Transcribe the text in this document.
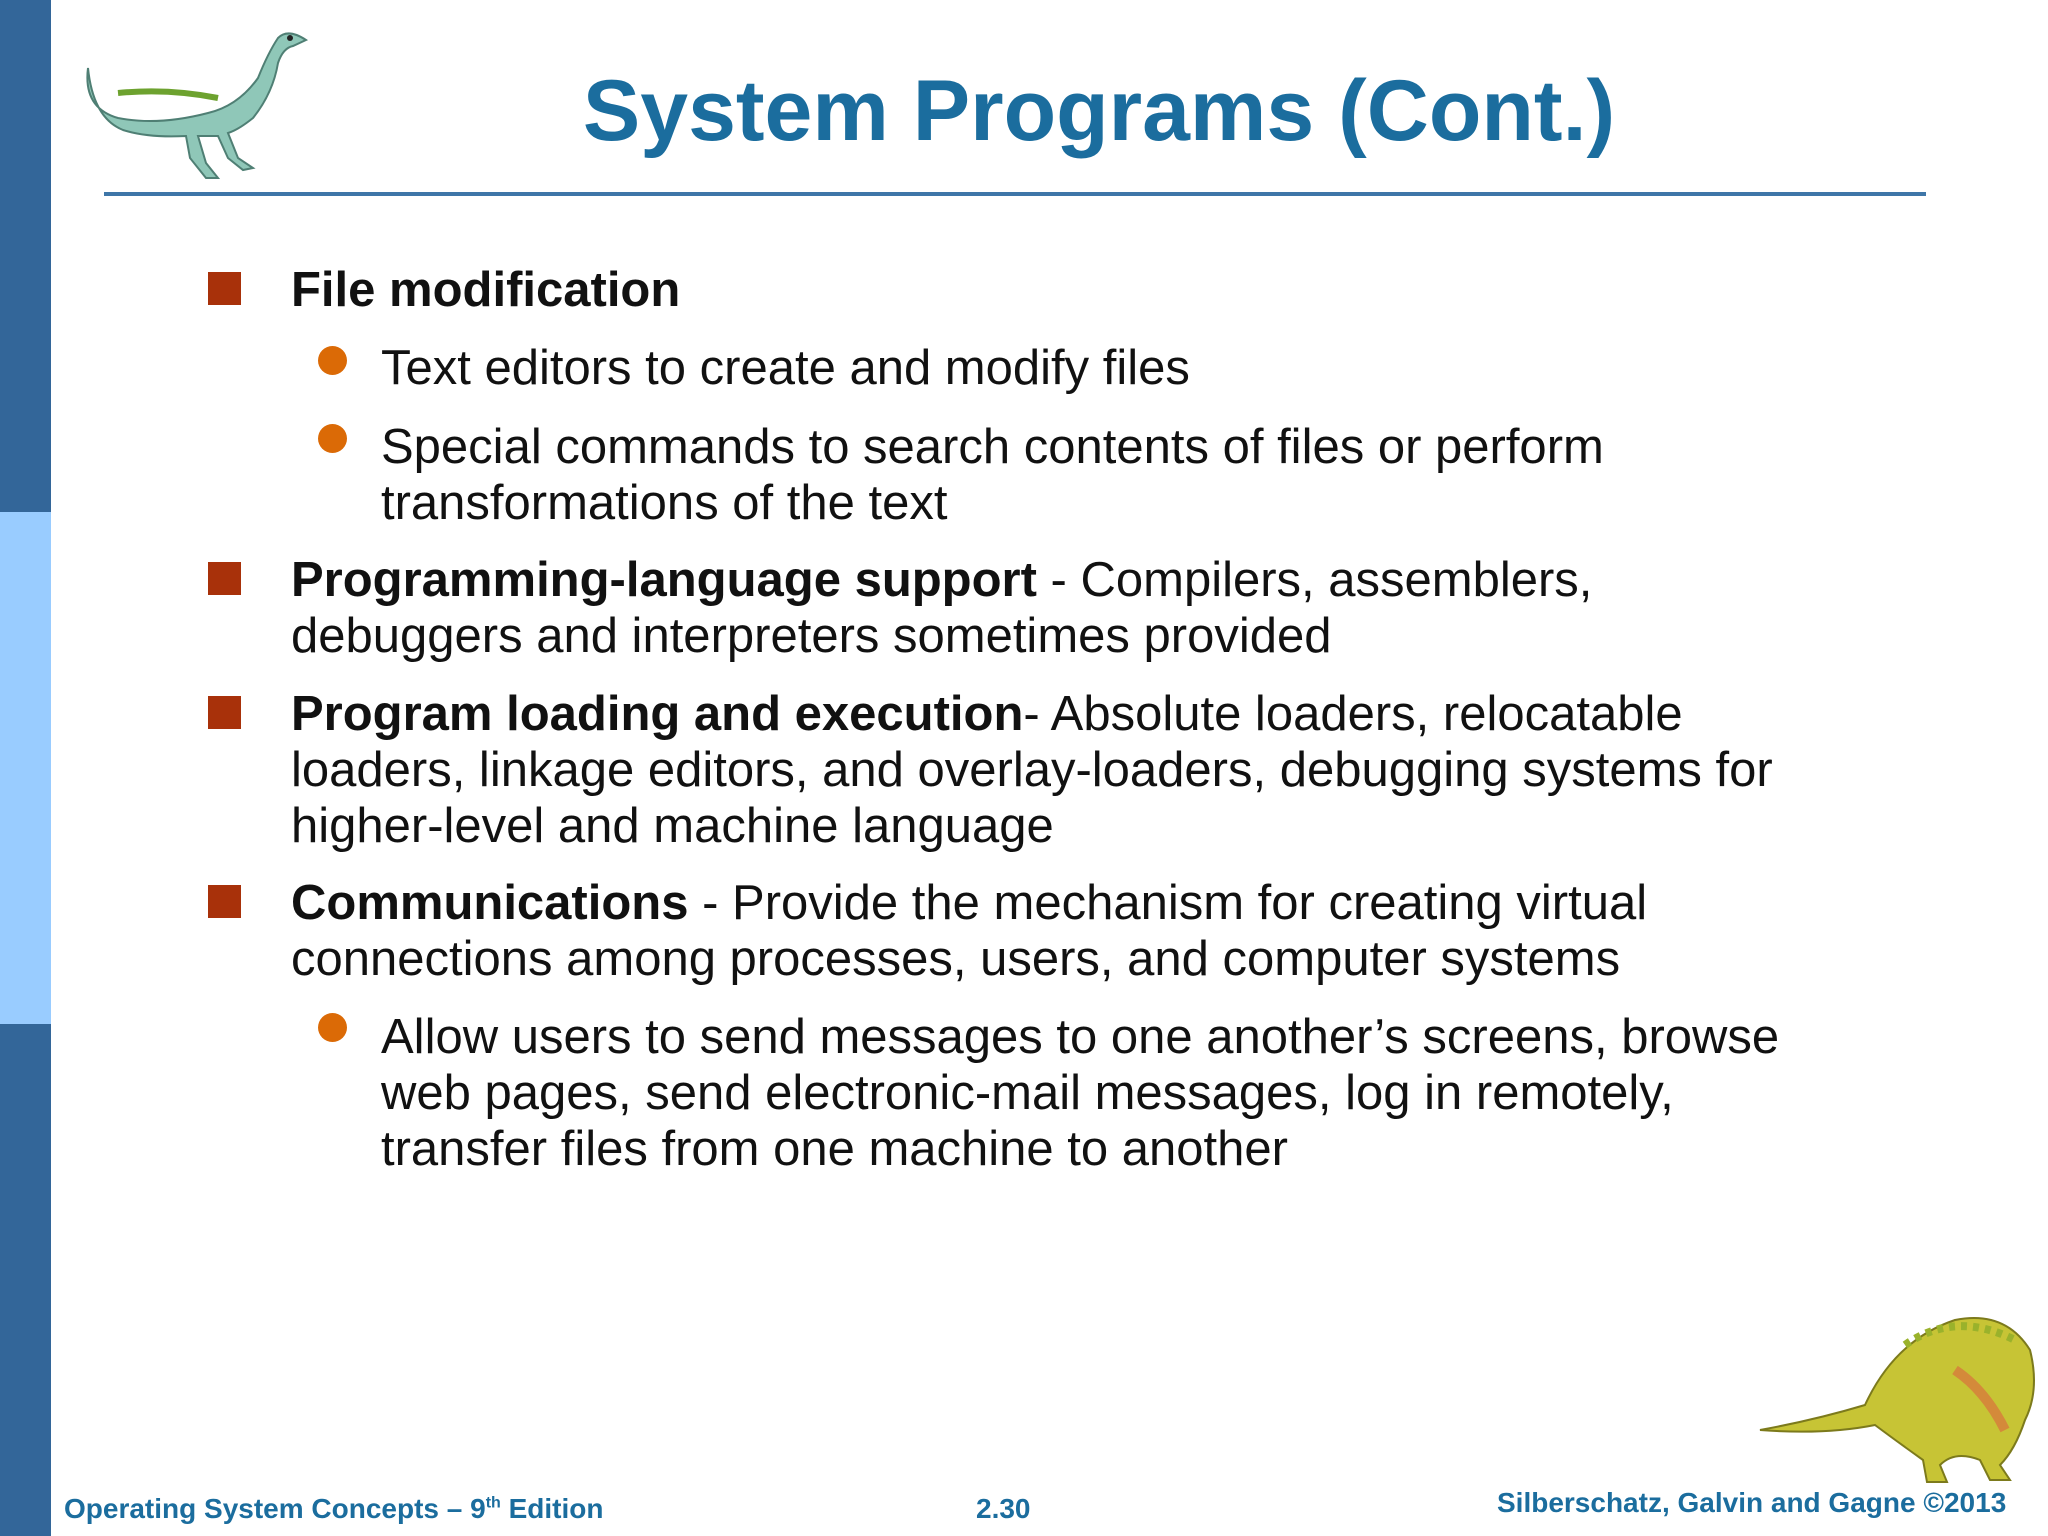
System Programs (Cont.)
File modification
Text editors to create and modify files
Special commands to search contents of files or perform transformations of the text
Programming-language support - Compilers, assemblers, debuggers and interpreters sometimes provided
Program loading and execution- Absolute loaders, relocatable loaders, linkage editors, and overlay-loaders, debugging systems for higher-level and machine language
Communications - Provide the mechanism for creating virtual connections among processes, users, and computer systems
Allow users to send messages to one another’s screens, browse web pages, send electronic-mail messages, log in remotely, transfer files from one machine to another
Operating System Concepts – 9th Edition	2.30	Silberschatz, Galvin and Gagne ©2013
